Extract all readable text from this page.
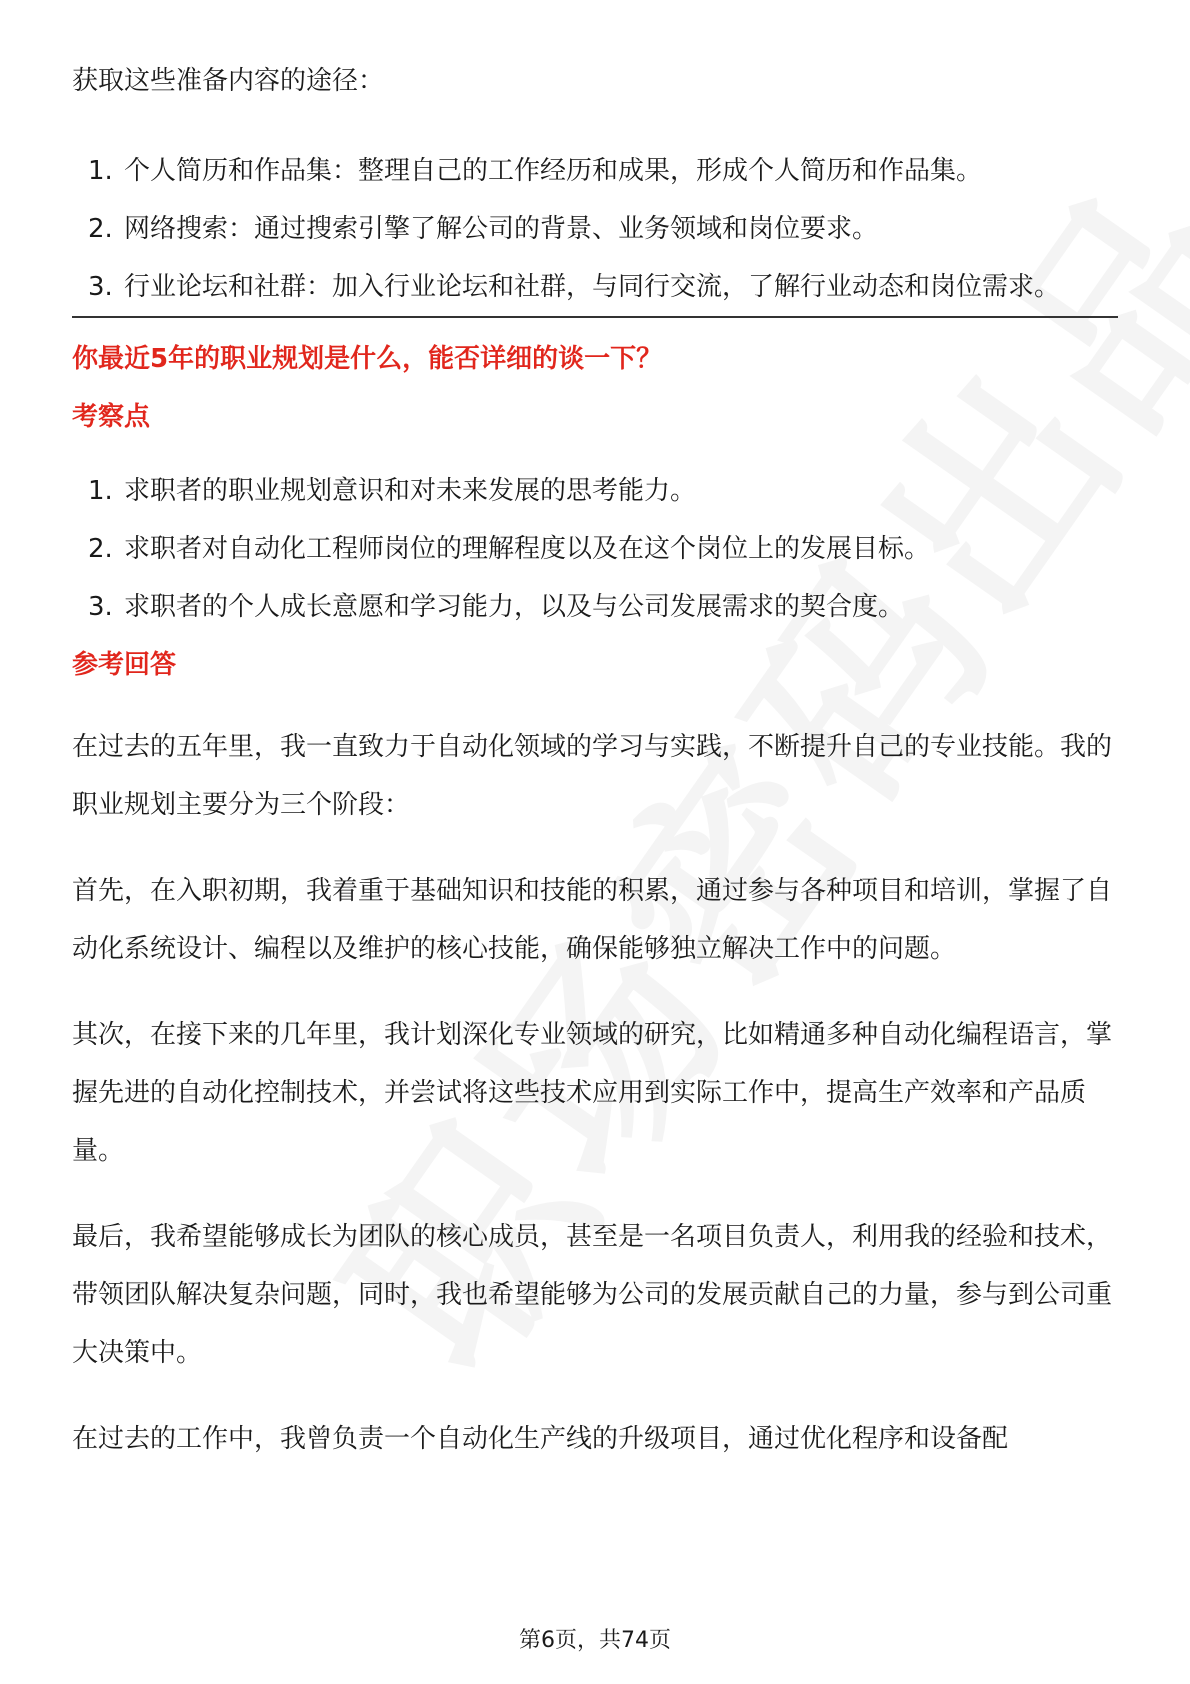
获取这些准备内容的途径：

1. 个人简历和作品集：整理自己的工作经历和成果，形成个人简历和作品集。
2. 网络搜索：通过搜索引擎了解公司的背景、业务领域和岗位要求。
3. 行业论坛和社群：加入行业论坛和社群，与同行交流，了解行业动态和岗位需求。

你最近5年的职业规划是什么，能否详细的谈一下？

考察点

1. 求职者的职业规划意识和对未来发展的思考能力。
2. 求职者对自动化工程师岗位的理解程度以及在这个岗位上的发展目标。
3. 求职者的个人成长意愿和学习能力，以及与公司发展需求的契合度。

参考回答

在过去的五年里，我一直致力于自动化领域的学习与实践，不断提升自己的专业技能。我的职业规划主要分为三个阶段：

首先，在入职初期，我着重于基础知识和技能的积累，通过参与各种项目和培训，掌握了自动化系统设计、编程以及维护的核心技能，确保能够独立解决工作中的问题。

其次，在接下来的几年里，我计划深化专业领域的研究，比如精通多种自动化编程语言，掌握先进的自动化控制技术，并尝试将这些技术应用到实际工作中，提高生产效率和产品质量。

最后，我希望能够成长为团队的核心成员，甚至是一名项目负责人，利用我的经验和技术，带领团队解决复杂问题，同时，我也希望能够为公司的发展贡献自己的力量，参与到公司重大决策中。

在过去的工作中，我曾负责一个自动化生产线的升级项目，通过优化程序和设备配

第6页，共74页
